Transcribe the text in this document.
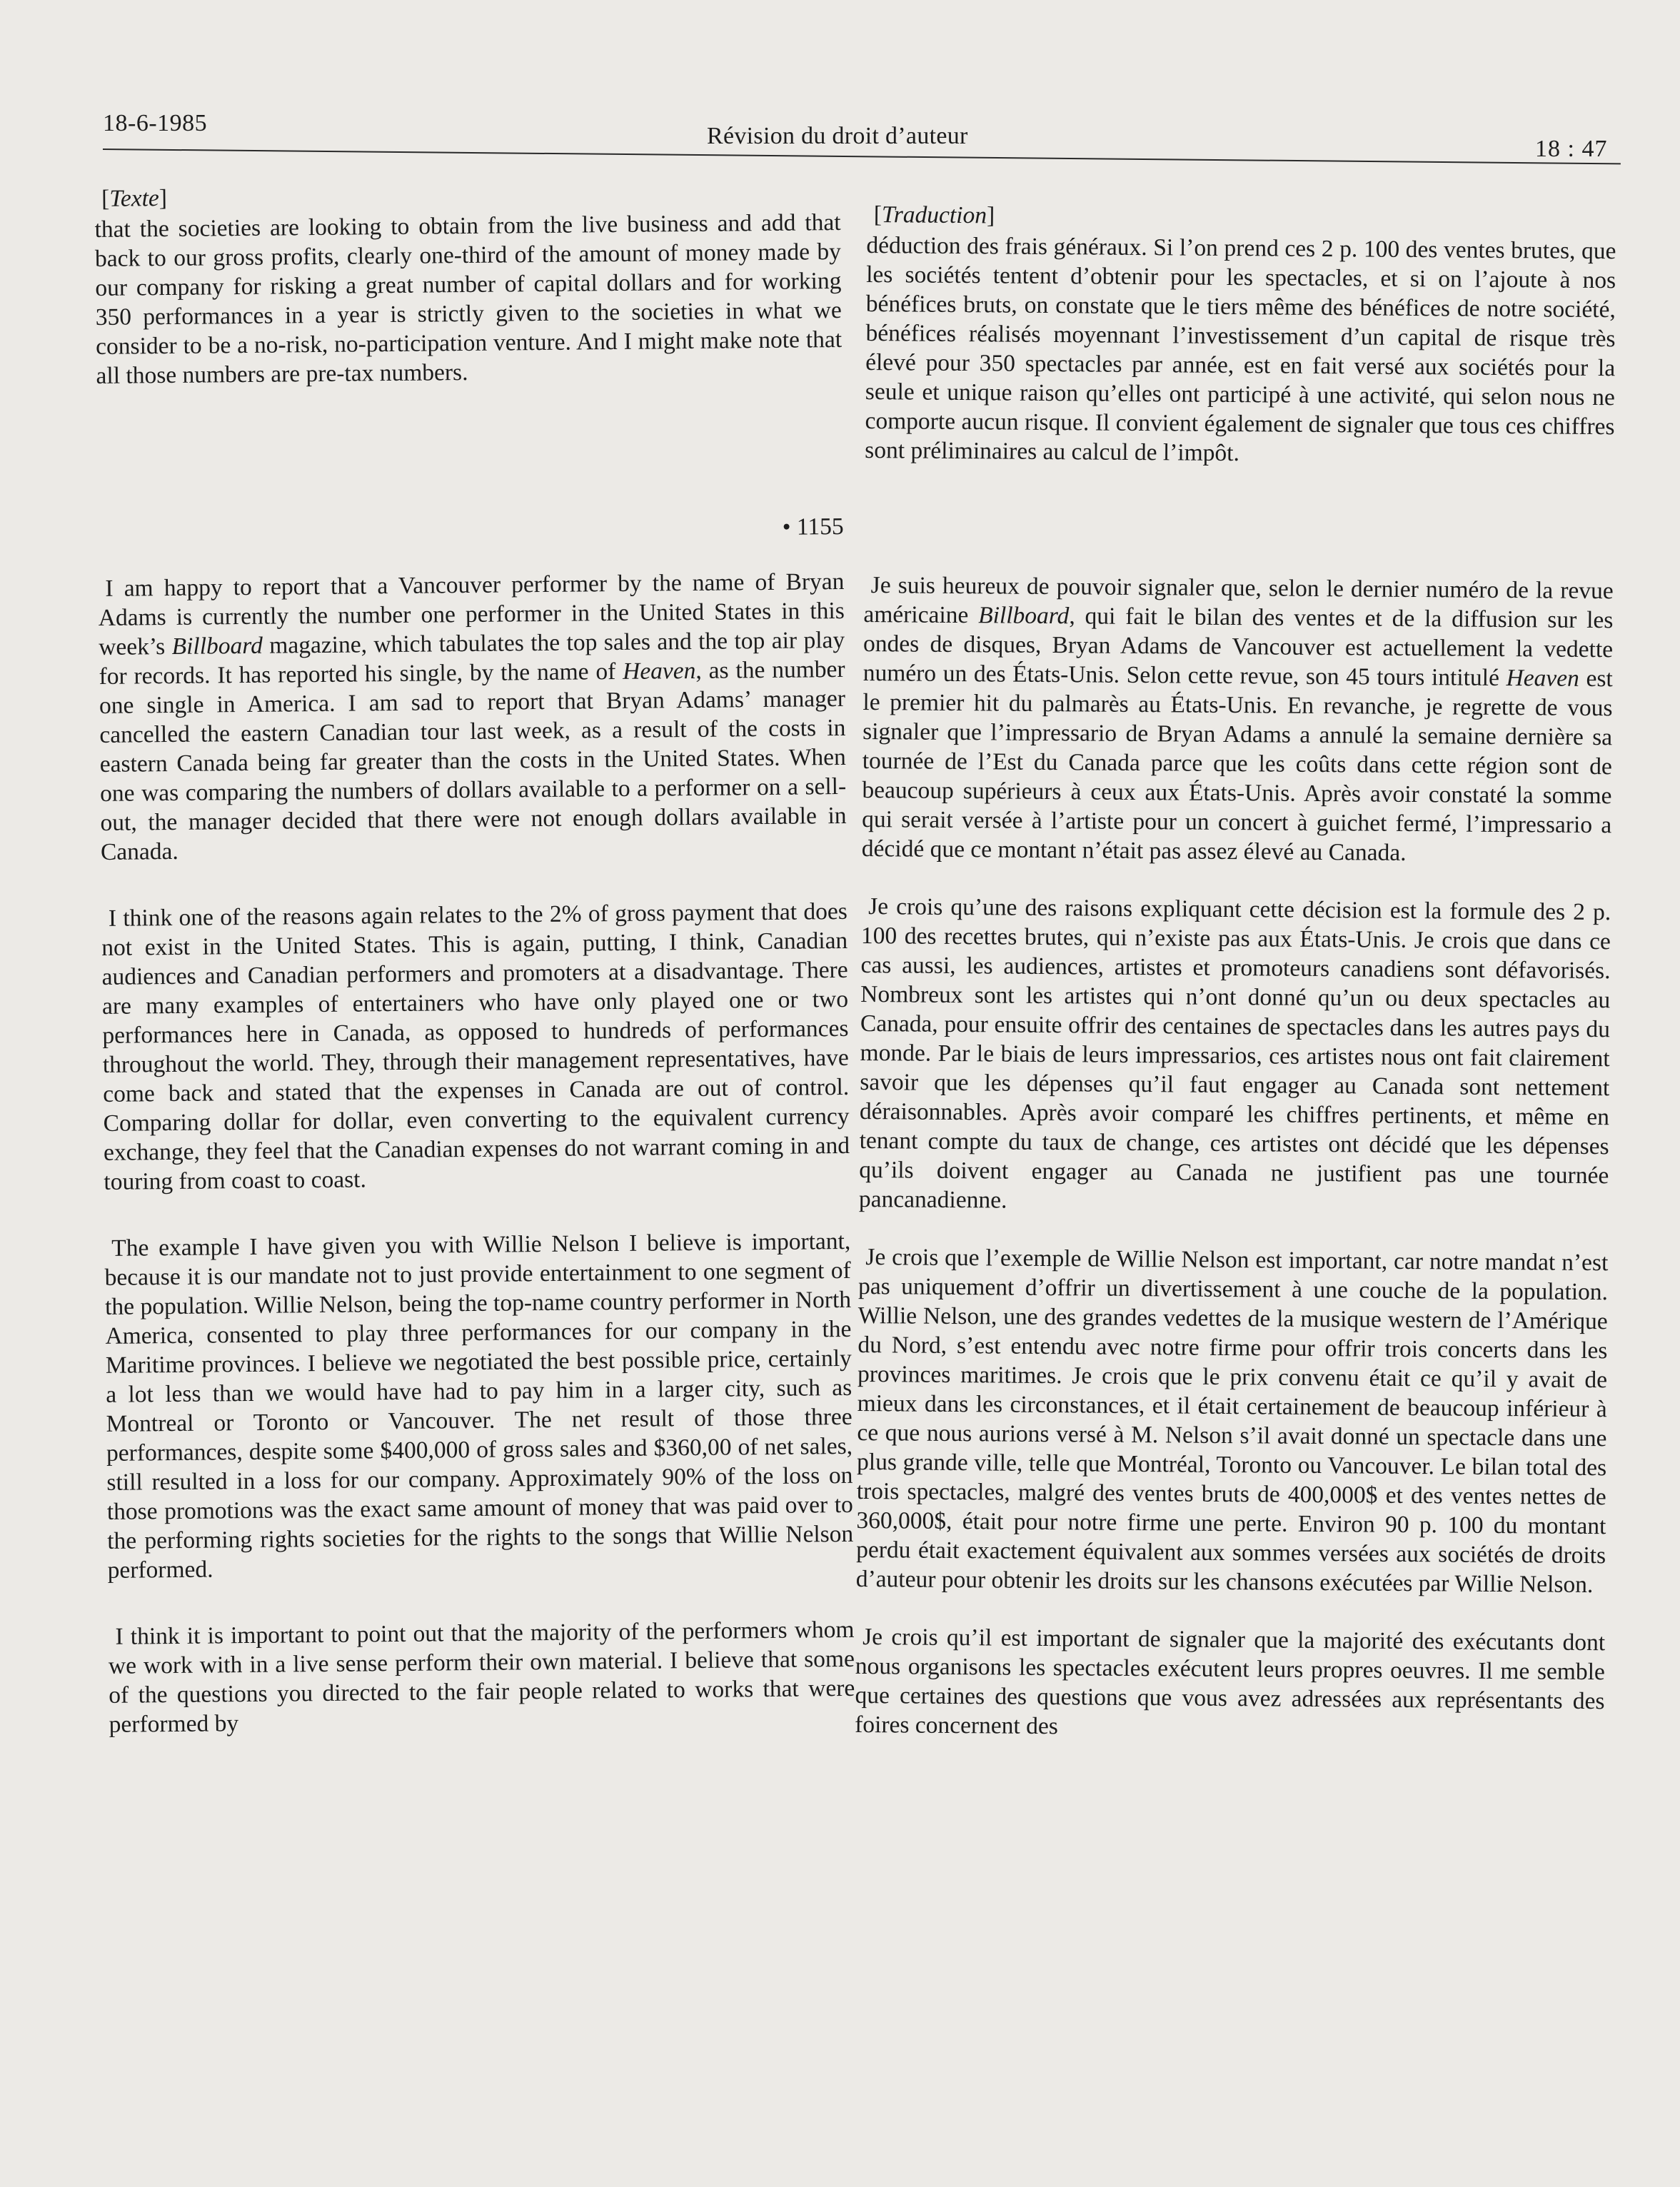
18-6-1985	Révision du droit d’auteur	18 : 47
[Texte]

that the societies are looking to obtain from the live business and add that back to our gross profits, clearly one-third of the amount of money made by our company for risking a great number of capital dollars and for working 350 performances in a year is strictly given to the societies in what we consider to be a no-risk, no-participation venture. And I might make note that all those numbers are pre-tax numbers.

• 1155

I am happy to report that a Vancouver performer by the name of Bryan Adams is currently the number one performer in the United States in this week’s Billboard magazine, which tabulates the top sales and the top air play for records. It has reported his single, by the name of Heaven, as the number one single in America. I am sad to report that Bryan Adams’ manager cancelled the eastern Canadian tour last week, as a result of the costs in eastern Canada being far greater than the costs in the United States. When one was comparing the numbers of dollars available to a performer on a sell-out, the manager decided that there were not enough dollars available in Canada.

I think one of the reasons again relates to the 2% of gross payment that does not exist in the United States. This is again, putting, I think, Canadian audiences and Canadian performers and promoters at a disadvantage. There are many examples of entertainers who have only played one or two performances here in Canada, as opposed to hundreds of performances throughout the world. They, through their management representatives, have come back and stated that the expenses in Canada are out of control. Comparing dollar for dollar, even converting to the equivalent currency exchange, they feel that the Canadian expenses do not warrant coming in and touring from coast to coast.

The example I have given you with Willie Nelson I believe is important, because it is our mandate not to just provide entertainment to one segment of the population. Willie Nelson, being the top-name country performer in North America, consented to play three performances for our company in the Maritime provinces. I believe we negotiated the best possible price, certainly a lot less than we would have had to pay him in a larger city, such as Montreal or Toronto or Vancouver. The net result of those three performances, despite some $400,000 of gross sales and $360,00 of net sales, still resulted in a loss for our company. Approximately 90% of the loss on those promotions was the exact same amount of money that was paid over to the performing rights societies for the rights to the songs that Willie Nelson performed.

I think it is important to point out that the majority of the performers whom we work with in a live sense perform their own material. I believe that some of the questions you directed to the fair people related to works that were performed by

[Traduction]

déduction des frais généraux. Si l’on prend ces 2 p. 100 des ventes brutes, que les sociétés tentent d’obtenir pour les spectacles, et si on l’ajoute à nos bénéfices bruts, on constate que le tiers même des bénéfices de notre société, bénéfices réalisés moyennant l’investissement d’un capital de risque très élevé pour 350 spectacles par année, est en fait versé aux sociétés pour la seule et unique raison qu’elles ont participé à une activité, qui selon nous ne comporte aucun risque. Il convient également de signaler que tous ces chiffres sont préliminaires au calcul de l’impôt.

Je suis heureux de pouvoir signaler que, selon le dernier numéro de la revue américaine Billboard, qui fait le bilan des ventes et de la diffusion sur les ondes de disques, Bryan Adams de Vancouver est actuellement la vedette numéro un des États-Unis. Selon cette revue, son 45 tours intitulé Heaven est le premier hit du palmarès au États-Unis. En revanche, je regrette de vous signaler que l’impressario de Bryan Adams a annulé la semaine dernière sa tournée de l’Est du Canada parce que les coûts dans cette région sont de beaucoup supérieurs à ceux aux États-Unis. Après avoir constaté la somme qui serait versée à l’artiste pour un concert à guichet fermé, l’impressario a décidé que ce montant n’était pas assez élevé au Canada.

Je crois qu’une des raisons expliquant cette décision est la formule des 2 p. 100 des recettes brutes, qui n’existe pas aux États-Unis. Je crois que dans ce cas aussi, les audiences, artistes et promoteurs canadiens sont défavorisés. Nombreux sont les artistes qui n’ont donné qu’un ou deux spectacles au Canada, pour ensuite offrir des centaines de spectacles dans les autres pays du monde. Par le biais de leurs impressarios, ces artistes nous ont fait clairement savoir que les dépenses qu’il faut engager au Canada sont nettement déraisonnables. Après avoir comparé les chiffres pertinents, et même en tenant compte du taux de change, ces artistes ont décidé que les dépenses qu’ils doivent engager au Canada ne justifient pas une tournée pancanadienne.

Je crois que l’exemple de Willie Nelson est important, car notre mandat n’est pas uniquement d’offrir un divertissement à une couche de la population. Willie Nelson, une des grandes vedettes de la musique western de l’Amérique du Nord, s’est entendu avec notre firme pour offrir trois concerts dans les provinces maritimes. Je crois que le prix convenu était ce qu’il y avait de mieux dans les circonstances, et il était certainement de beaucoup inférieur à ce que nous aurions versé à M. Nelson s’il avait donné un spectacle dans une plus grande ville, telle que Montréal, Toronto ou Vancouver. Le bilan total des trois spectacles, malgré des ventes bruts de 400,000$ et des ventes nettes de 360,000$, était pour notre firme une perte. Environ 90 p. 100 du montant perdu était exactement équivalent aux sommes versées aux sociétés de droits d’auteur pour obtenir les droits sur les chansons exécutées par Willie Nelson.

Je crois qu’il est important de signaler que la majorité des exécutants dont nous organisons les spectacles exécutent leurs propres oeuvres. Il me semble que certaines des questions que vous avez adressées aux représentants des foires concernent des
